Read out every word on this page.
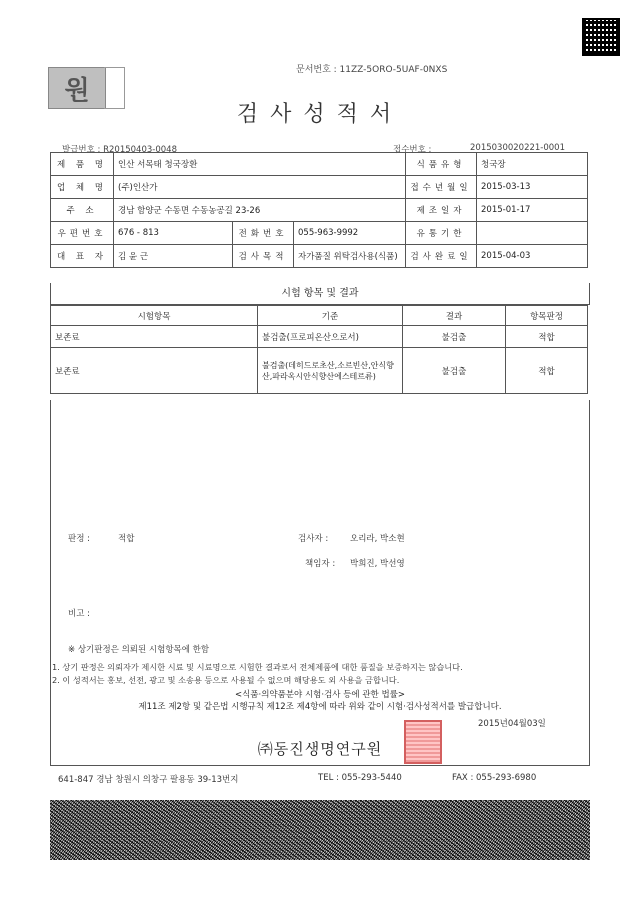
원
문서번호 : 11ZZ-5ORO-5UAF-0NXS
검사성적서
발급번호 : R20150403-0048	접수번호 :	2015030020221-0001
제 품 명	인산 서목태 청국장환			식품유형	청국장
업 체 명	(주)인산가			접수년월일	2015-03-13
주 소	경남 함양군 수동면 수동농공길 23-26			제조일자	2015-01-17
우편번호	676 - 813	전화번호	055-963-9992	유통기한	
대 표 자	김 윤 근	검사목적	자가품질 위탁검사용(식품)	검사완료일	2015-04-03
시험 항목 및 결과
시험항목	기준	결과	항목판정
보존료	불검출(프로피온산으로서)	불검출	적합
보존료	불검출(데히드로초산,소르빈산,안식향산,파라옥시안식향산에스테르류)	불검출	적합
판정 :	적합	검사자 :	오리라, 박소현
책임자 : 박희진, 박선영
비고 :
※ 상기판정은 의뢰된 시험항목에 한함
1. 상기 판정은 의뢰자가 제시한 시료 및 시료명으로 시험한 결과로서 전체제품에 대한 품질을 보증하지는 않습니다.
2. 이 성적서는 홍보, 선전, 광고 및 소송용 등으로 사용될 수 없으며 해당용도 외 사용을 금합니다.
<식품·의약품분야 시험·검사 등에 관한 법률>
제11조 제2항 및 같은법 시행규칙 제12조 제4항에 따라 위와 같이 시험·검사성적서를 발급합니다.
2015년04월03일
㈜동진생명연구원
641-847 경남 창원시 의창구 팔용동 39-13번지	TEL : 055-293-5440	FAX : 055-293-6980
